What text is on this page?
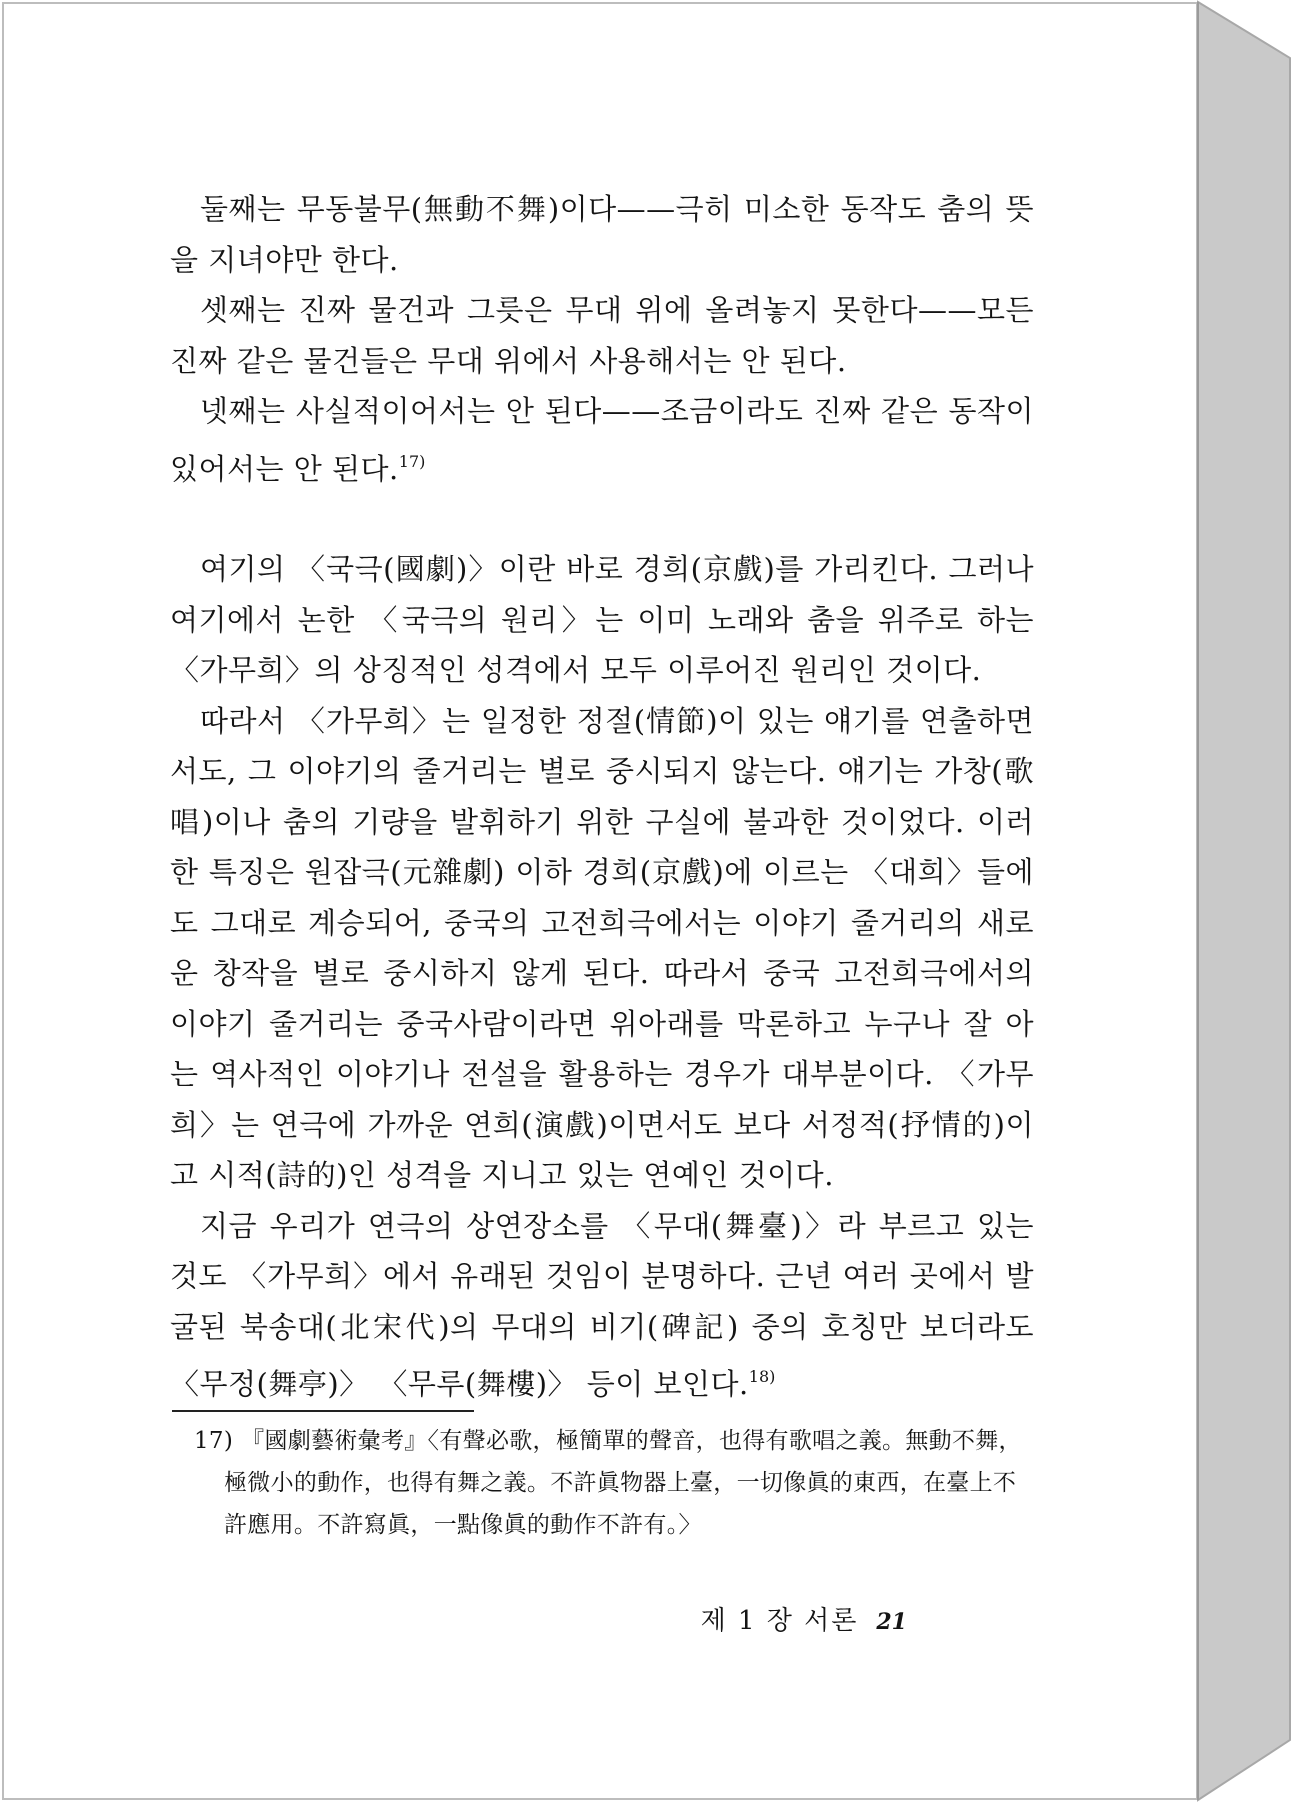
둘째는 무동불무(無動不舞)이다——극히 미소한 동작도 춤의 뜻을 지녀야만 한다.

셋째는 진짜 물건과 그릇은 무대 위에 올려놓지 못한다——모든 진짜 같은 물건들은 무대 위에서 사용해서는 안 된다.

넷째는 사실적이어서는 안 된다——조금이라도 진짜 같은 동작이 있어서는 안 된다.$^{17)}$

여기의 〈국극(國劇)〉이란 바로 경희(京戲)를 가리킨다. 그러나 여기에서 논한 〈국극의 원리〉는 이미 노래와 춤을 위주로 하는 〈가무희〉의 상징적인 성격에서 모두 이루어진 원리인 것이다.

따라서 〈가무희〉는 일정한 정절(情節)이 있는 얘기를 연출하면서도, 그 이야기의 줄거리는 별로 중시되지 않는다. 얘기는 가창(歌唱)이나 춤의 기량을 발휘하기 위한 구실에 불과한 것이었다. 이러한 특징은 원잡극(元雜劇) 이하 경희(京戲)에 이르는 〈대희〉들에도 그대로 계승되어, 중국의 고전희극에서는 이야기 줄거리의 새로운 창작을 별로 중시하지 않게 된다. 따라서 중국 고전희극에서의 이야기 줄거리는 중국사람이라면 위아래를 막론하고 누구나 잘 아는 역사적인 이야기나 전설을 활용하는 경우가 대부분이다. 〈가무희〉는 연극에 가까운 연희(演戲)이면서도 보다 서정적(抒情的)이고 시적(詩的)인 성격을 지니고 있는 연예인 것이다.

지금 우리가 연극의 상연장소를 〈무대(舞臺)〉라 부르고 있는 것도 〈가무희〉에서 유래된 것임이 분명하다. 근년 여러 곳에서 발굴된 북송대(北宋代)의 무대의 비기(碑記) 중의 호칭만 보더라도 〈무정(舞亭)〉 〈무루(舞樓)〉 등이 보인다.$^{18)}$

17) 『國劇藝術彙考』〈有聲必歌，極簡單的聲音，也得有歌唱之義。無動不舞，
極微小的動作，也得有舞之義。不許眞物器上臺，一切像眞的東西，在臺上不許應用。不許寫眞，一點像眞的動作不許有。〉
제 1 장 서론 21
